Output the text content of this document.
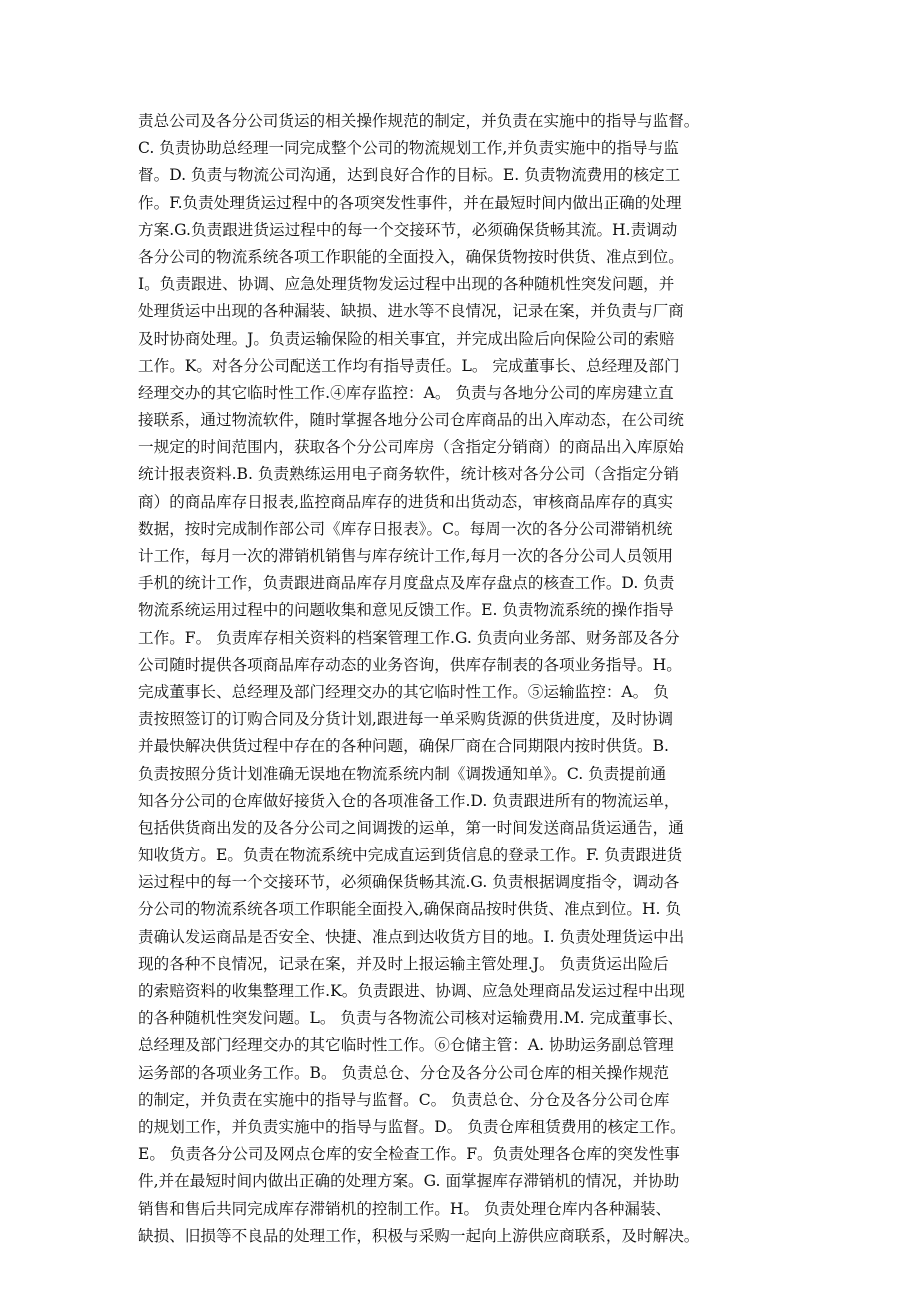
责总公司及各分公司货运的相关操作规范的制定，并负责在实施中的指导与监督。
C. 负责协助总经理一同完成整个公司的物流规划工作,并负责实施中的指导与监
督。D. 负责与物流公司沟通，达到良好合作的目标。E. 负责物流费用的核定工
作。F.负责处理货运过程中的各项突发性事件，并在最短时间内做出正确的处理
方案.G.负责跟进货运过程中的每一个交接环节，必须确保货畅其流。H.责调动
各分公司的物流系统各项工作职能的全面投入，确保货物按时供货、准点到位。
I。负责跟进、协调、应急处理货物发运过程中出现的各种随机性突发问题，并
处理货运中出现的各种漏装、缺损、进水等不良情况，记录在案，并负责与厂商
及时协商处理。J。负责运输保险的相关事宜，并完成出险后向保险公司的索赔
工作。K。对各分公司配送工作均有指导责任。L。 完成董事长、总经理及部门
经理交办的其它临时性工作.④库存监控：A。 负责与各地分公司的库房建立直
接联系，通过物流软件，随时掌握各地分公司仓库商品的出入库动态，在公司统
一规定的时间范围内，获取各个分公司库房（含指定分销商）的商品出入库原始
统计报表资料.B. 负责熟练运用电子商务软件，统计核对各分公司（含指定分销
商）的商品库存日报表,监控商品库存的进货和出货动态，审核商品库存的真实
数据，按时完成制作部公司《库存日报表》。C。每周一次的各分公司滞销机统
计工作，每月一次的滞销机销售与库存统计工作,每月一次的各分公司人员领用
手机的统计工作，负责跟进商品库存月度盘点及库存盘点的核查工作。D. 负责
物流系统运用过程中的问题收集和意见反馈工作。E. 负责物流系统的操作指导
工作。F。 负责库存相关资料的档案管理工作.G. 负责向业务部、财务部及各分
公司随时提供各项商品库存动态的业务咨询，供库存制表的各项业务指导。H。
完成董事长、总经理及部门经理交办的其它临时性工作。⑤运输监控：A。 负
责按照签订的订购合同及分货计划,跟进每一单采购货源的供货进度，及时协调
并最快解决供货过程中存在的各种问题，确保厂商在合同期限内按时供货。B.
负责按照分货计划准确无误地在物流系统内制《调拨通知单》。C. 负责提前通
知各分公司的仓库做好接货入仓的各项准备工作.D. 负责跟进所有的物流运单，
包括供货商出发的及各分公司之间调拨的运单，第一时间发送商品货运通告，通
知收货方。E。负责在物流系统中完成直运到货信息的登录工作。F. 负责跟进货
运过程中的每一个交接环节，必须确保货畅其流.G. 负责根据调度指令，调动各
分公司的物流系统各项工作职能全面投入,确保商品按时供货、准点到位。H. 负
责确认发运商品是否安全、快捷、准点到达收货方目的地。I. 负责处理货运中出
现的各种不良情况，记录在案，并及时上报运输主管处理.J。 负责货运出险后
的索赔资料的收集整理工作.K。负责跟进、协调、应急处理商品发运过程中出现
的各种随机性突发问题。L。 负责与各物流公司核对运输费用.M. 完成董事长、
总经理及部门经理交办的其它临时性工作。⑥仓储主管：A. 协助运务副总管理
运务部的各项业务工作。B。 负责总仓、分仓及各分公司仓库的相关操作规范
的制定，并负责在实施中的指导与监督。C。 负责总仓、分仓及各分公司仓库
的规划工作，并负责实施中的指导与监督。D。 负责仓库租赁费用的核定工作。
E。 负责各分公司及网点仓库的安全检查工作。F。负责处理各仓库的突发性事
件,并在最短时间内做出正确的处理方案。G. 面掌握库存滞销机的情况，并协助
销售和售后共同完成库存滞销机的控制工作。H。 负责处理仓库内各种漏装、
缺损、旧损等不良品的处理工作，积极与采购一起向上游供应商联系，及时解决。
